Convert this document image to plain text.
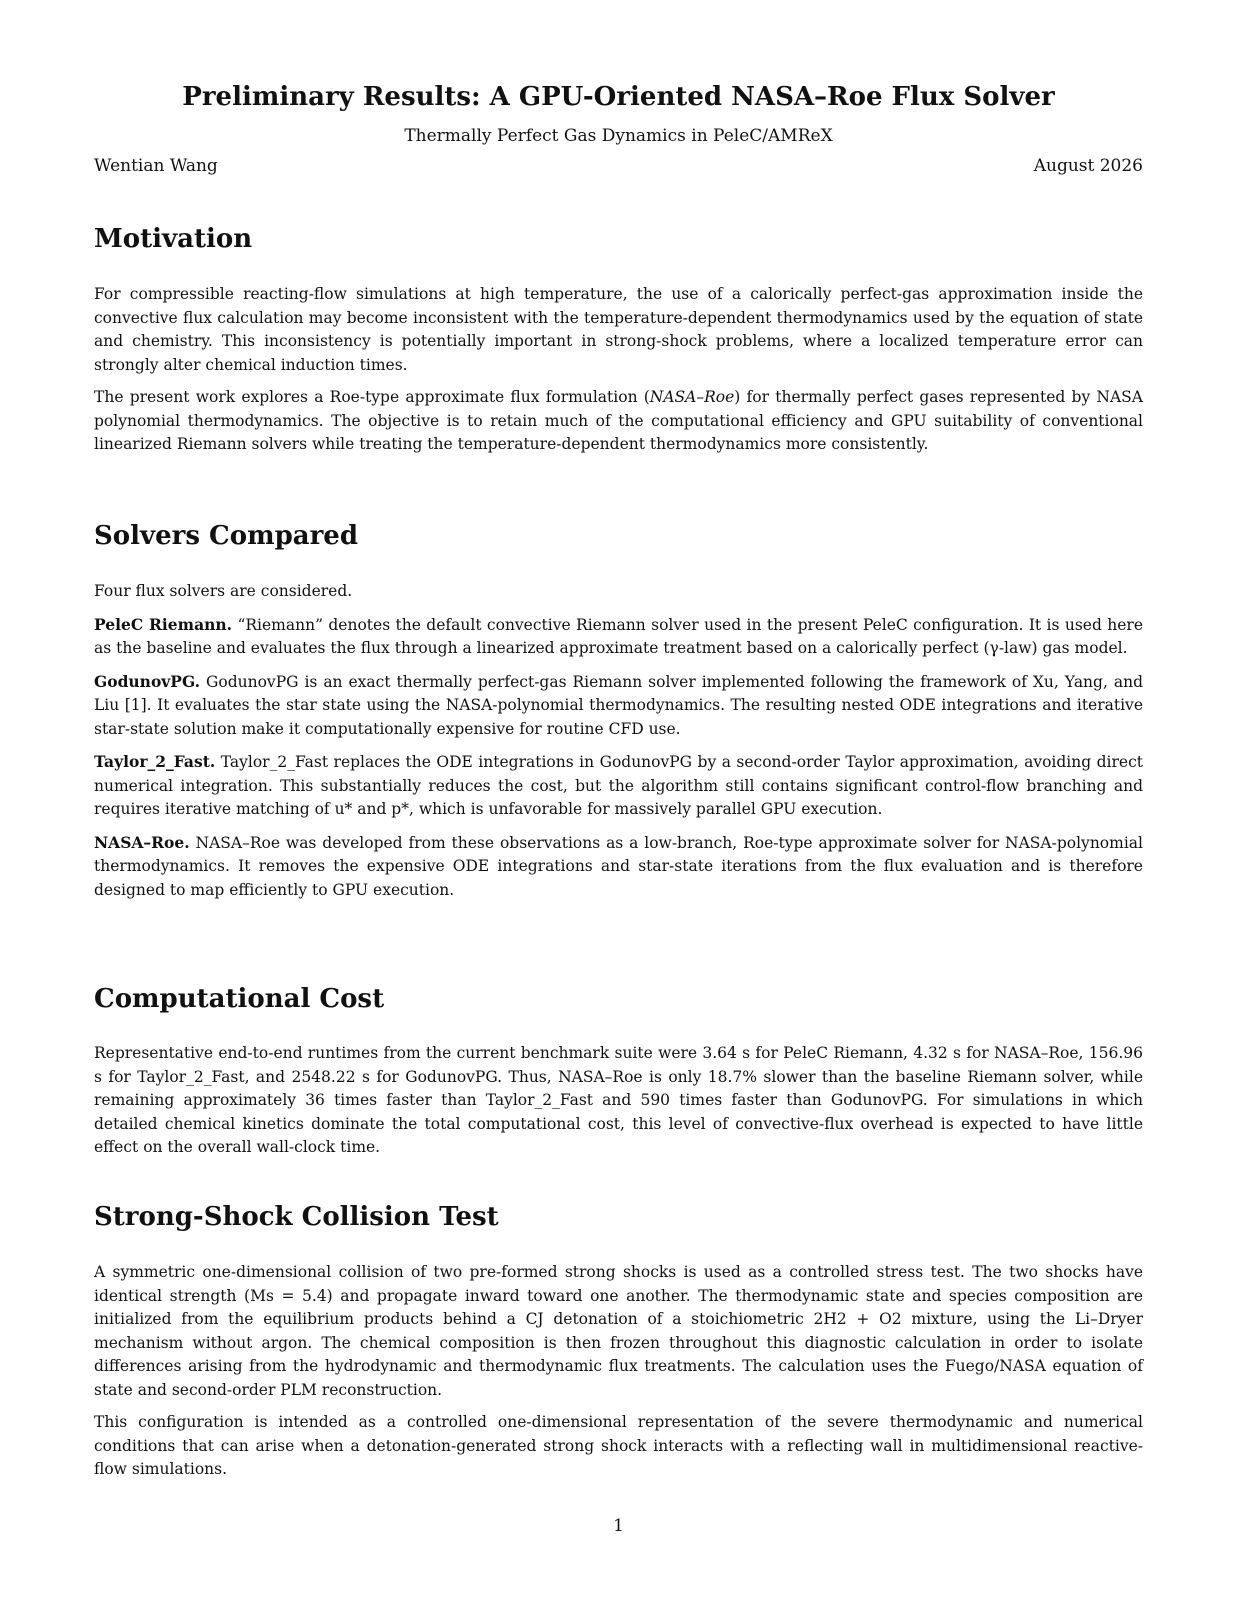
Preliminary Results: A GPU-Oriented NASA–Roe Flux Solver
Thermally Perfect Gas Dynamics in PeleC/AMReX
Wentian Wang	August 2026
Motivation

For compressible reacting-flow simulations at high temperature, the use of a calorically perfect-gas approximation inside the convective flux calculation may become inconsistent with the temperature-dependent thermodynamics used by the equation of state and chemistry. This inconsistency is potentially important in strong-shock problems, where a localized temperature error can strongly alter chemical induction times.

The present work explores a Roe-type approximate flux formulation (NASA–Roe) for thermally perfect gases represented by NASA polynomial thermodynamics. The objective is to retain much of the computational efficiency and GPU suitability of conventional linearized Riemann solvers while treating the temperature-dependent thermodynamics more consistently.

Solvers Compared

Four flux solvers are considered.

PeleC Riemann. “Riemann” denotes the default convective Riemann solver used in the present PeleC configuration. It is used here as the baseline and evaluates the flux through a linearized approximate treatment based on a calorically perfect (γ-law) gas model.

GodunovPG. GodunovPG is an exact thermally perfect-gas Riemann solver implemented following the framework of Xu, Yang, and Liu [1]. It evaluates the star state using the NASA-polynomial thermodynamics. The resulting nested ODE integrations and iterative star-state solution make it computationally expensive for routine CFD use.

Taylor_2_Fast. Taylor_2_Fast replaces the ODE integrations in GodunovPG by a second-order Taylor approximation, avoiding direct numerical integration. This substantially reduces the cost, but the algorithm still contains significant control-flow branching and requires iterative matching of u* and p*, which is unfavorable for massively parallel GPU execution.

NASA–Roe. NASA–Roe was developed from these observations as a low-branch, Roe-type approximate solver for NASA-polynomial thermodynamics. It removes the expensive ODE integrations and star-state iterations from the flux evaluation and is therefore designed to map efficiently to GPU execution.

Computational Cost

Representative end-to-end runtimes from the current benchmark suite were 3.64 s for PeleC Riemann, 4.32 s for NASA–Roe, 156.96 s for Taylor_2_Fast, and 2548.22 s for GodunovPG. Thus, NASA–Roe is only 18.7% slower than the baseline Riemann solver, while remaining approximately 36 times faster than Taylor_2_Fast and 590 times faster than GodunovPG. For simulations in which detailed chemical kinetics dominate the total computational cost, this level of convective-flux overhead is expected to have little effect on the overall wall-clock time.

Strong-Shock Collision Test

A symmetric one-dimensional collision of two pre-formed strong shocks is used as a controlled stress test. The two shocks have identical strength (Ms = 5.4) and propagate inward toward one another. The thermodynamic state and species composition are initialized from the equilibrium products behind a CJ detonation of a stoichiometric 2H2 + O2 mixture, using the Li–Dryer mechanism without argon. The chemical composition is then frozen throughout this diagnostic calculation in order to isolate differences arising from the hydrodynamic and thermodynamic flux treatments. The calculation uses the Fuego/NASA equation of state and second-order PLM reconstruction.

This configuration is intended as a controlled one-dimensional representation of the severe thermodynamic and numerical conditions that can arise when a detonation-generated strong shock interacts with a reflecting wall in multidimensional reactive-flow simulations.

1
